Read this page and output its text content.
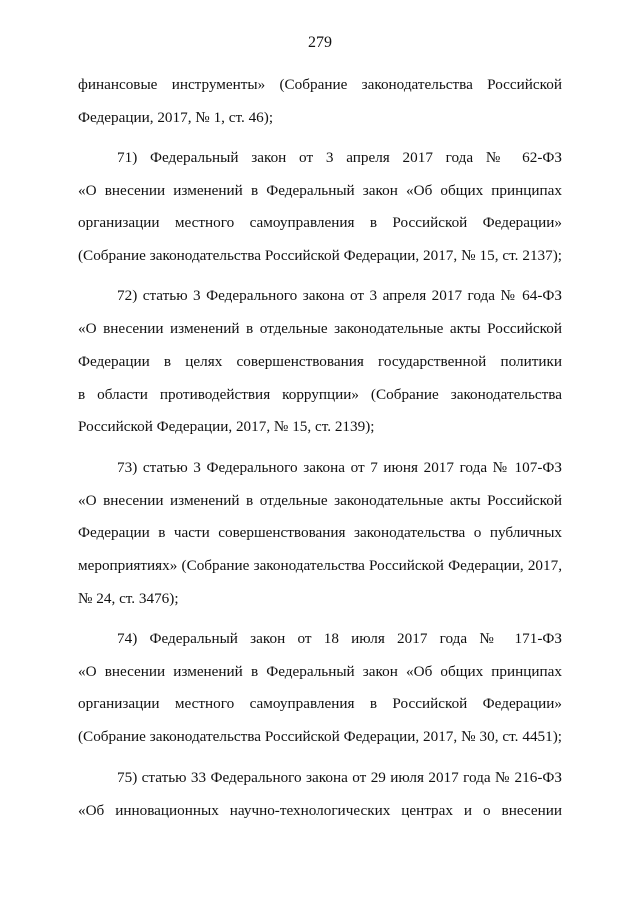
279
финансовые инструменты» (Собрание законодательства Российской
Федерации, 2017, № 1, ст. 46);
71) Федеральный закон от 3 апреля 2017 года № 62-ФЗ
«О внесении изменений в Федеральный закон «Об общих принципах
организации местного самоуправления в Российской Федерации»
(Собрание законодательства Российской Федерации, 2017, № 15, ст. 2137);
72) статью 3 Федерального закона от 3 апреля 2017 года № 64-ФЗ
«О внесении изменений в отдельные законодательные акты Российской
Федерации в целях совершенствования государственной политики
в области противодействия коррупции» (Собрание законодательства
Российской Федерации, 2017, № 15, ст. 2139);
73) статью 3 Федерального закона от 7 июня 2017 года № 107-ФЗ
«О внесении изменений в отдельные законодательные акты Российской
Федерации в части совершенствования законодательства о публичных
мероприятиях» (Собрание законодательства Российской Федерации, 2017,
№ 24, ст. 3476);
74) Федеральный закон от 18 июля 2017 года № 171-ФЗ
«О внесении изменений в Федеральный закон «Об общих принципах
организации местного самоуправления в Российской Федерации»
(Собрание законодательства Российской Федерации, 2017, № 30, ст. 4451);
75) статью 33 Федерального закона от 29 июля 2017 года № 216-ФЗ
«Об инновационных научно-технологических центрах и о внесении
